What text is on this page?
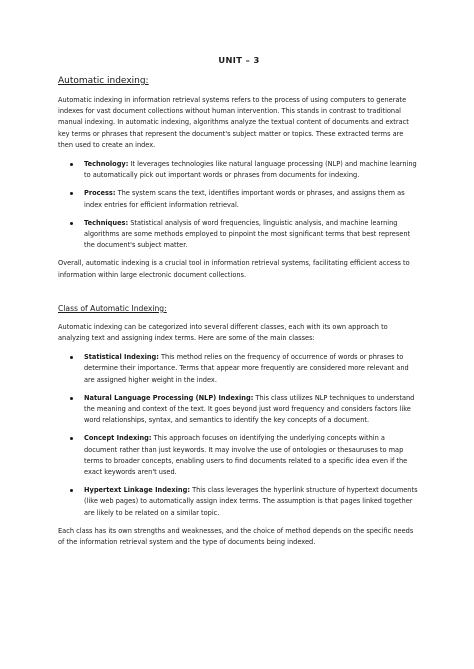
UNIT – 3
Automatic indexing:

Automatic indexing in information retrieval systems refers to the process of using computers to generate indexes for vast document collections without human intervention. This stands in contrast to traditional manual indexing. In automatic indexing, algorithms analyze the textual content of documents and extract key terms or phrases that represent the document's subject matter or topics. These extracted terms are then used to create an index.

Technology: It leverages technologies like natural language processing (NLP) and machine learning to automatically pick out important words or phrases from documents for indexing.
Process: The system scans the text, identifies important words or phrases, and assigns them as index entries for efficient information retrieval.
Techniques: Statistical analysis of word frequencies, linguistic analysis, and machine learning algorithms are some methods employed to pinpoint the most significant terms that best represent the document's subject matter.

Overall, automatic indexing is a crucial tool in information retrieval systems, facilitating efficient access to information within large electronic document collections.

Class of Automatic Indexing:

Automatic indexing can be categorized into several different classes, each with its own approach to analyzing text and assigning index terms. Here are some of the main classes:

Statistical Indexing: This method relies on the frequency of occurrence of words or phrases to determine their importance. Terms that appear more frequently are considered more relevant and are assigned higher weight in the index.
Natural Language Processing (NLP) Indexing: This class utilizes NLP techniques to understand the meaning and context of the text. It goes beyond just word frequency and considers factors like word relationships, syntax, and semantics to identify the key concepts of a document.
Concept Indexing: This approach focuses on identifying the underlying concepts within a document rather than just keywords. It may involve the use of ontologies or thesauruses to map terms to broader concepts, enabling users to find documents related to a specific idea even if the exact keywords aren't used.
Hypertext Linkage Indexing: This class leverages the hyperlink structure of hypertext documents (like web pages) to automatically assign index terms. The assumption is that pages linked together are likely to be related on a similar topic.

Each class has its own strengths and weaknesses, and the choice of method depends on the specific needs of the information retrieval system and the type of documents being indexed.
